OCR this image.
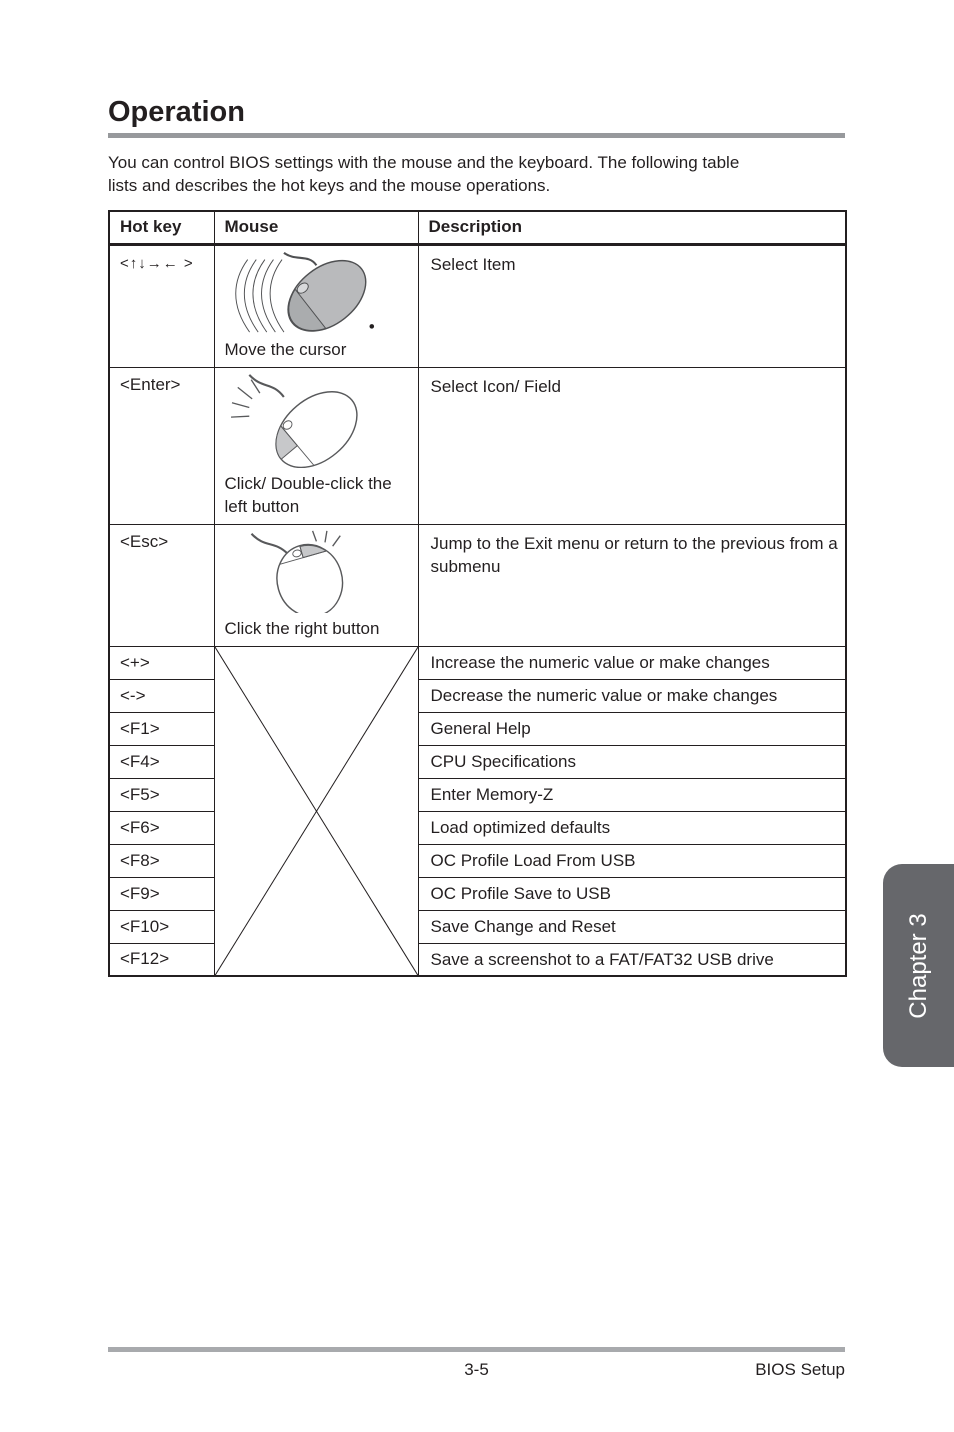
Operation
You can control BIOS settings with the mouse and the keyboard. The following table
lists and describes the hot keys and the mouse operations.
Hot key	Mouse	Description
<↑↓→← >	Move the cursor	Select Item
<Enter>	Click/ Double-click the left button	Select Icon/ Field
<Esc>	Click the right button	Jump to the Exit menu or return to the previous from a submenu
<+>		Increase the numeric value or make changes
<->		Decrease the numeric value or make changes
<F1>		General Help
<F4>		CPU Specifications
<F5>		Enter Memory-Z
<F6>		Load optimized defaults
<F8>		OC Profile Load From USB
<F9>		OC Profile Save to USB
<F10>		Save Change and Reset
<F12>		Save a screenshot to a FAT/FAT32 USB drive	Chapter 3
3-5	BIOS Setup
